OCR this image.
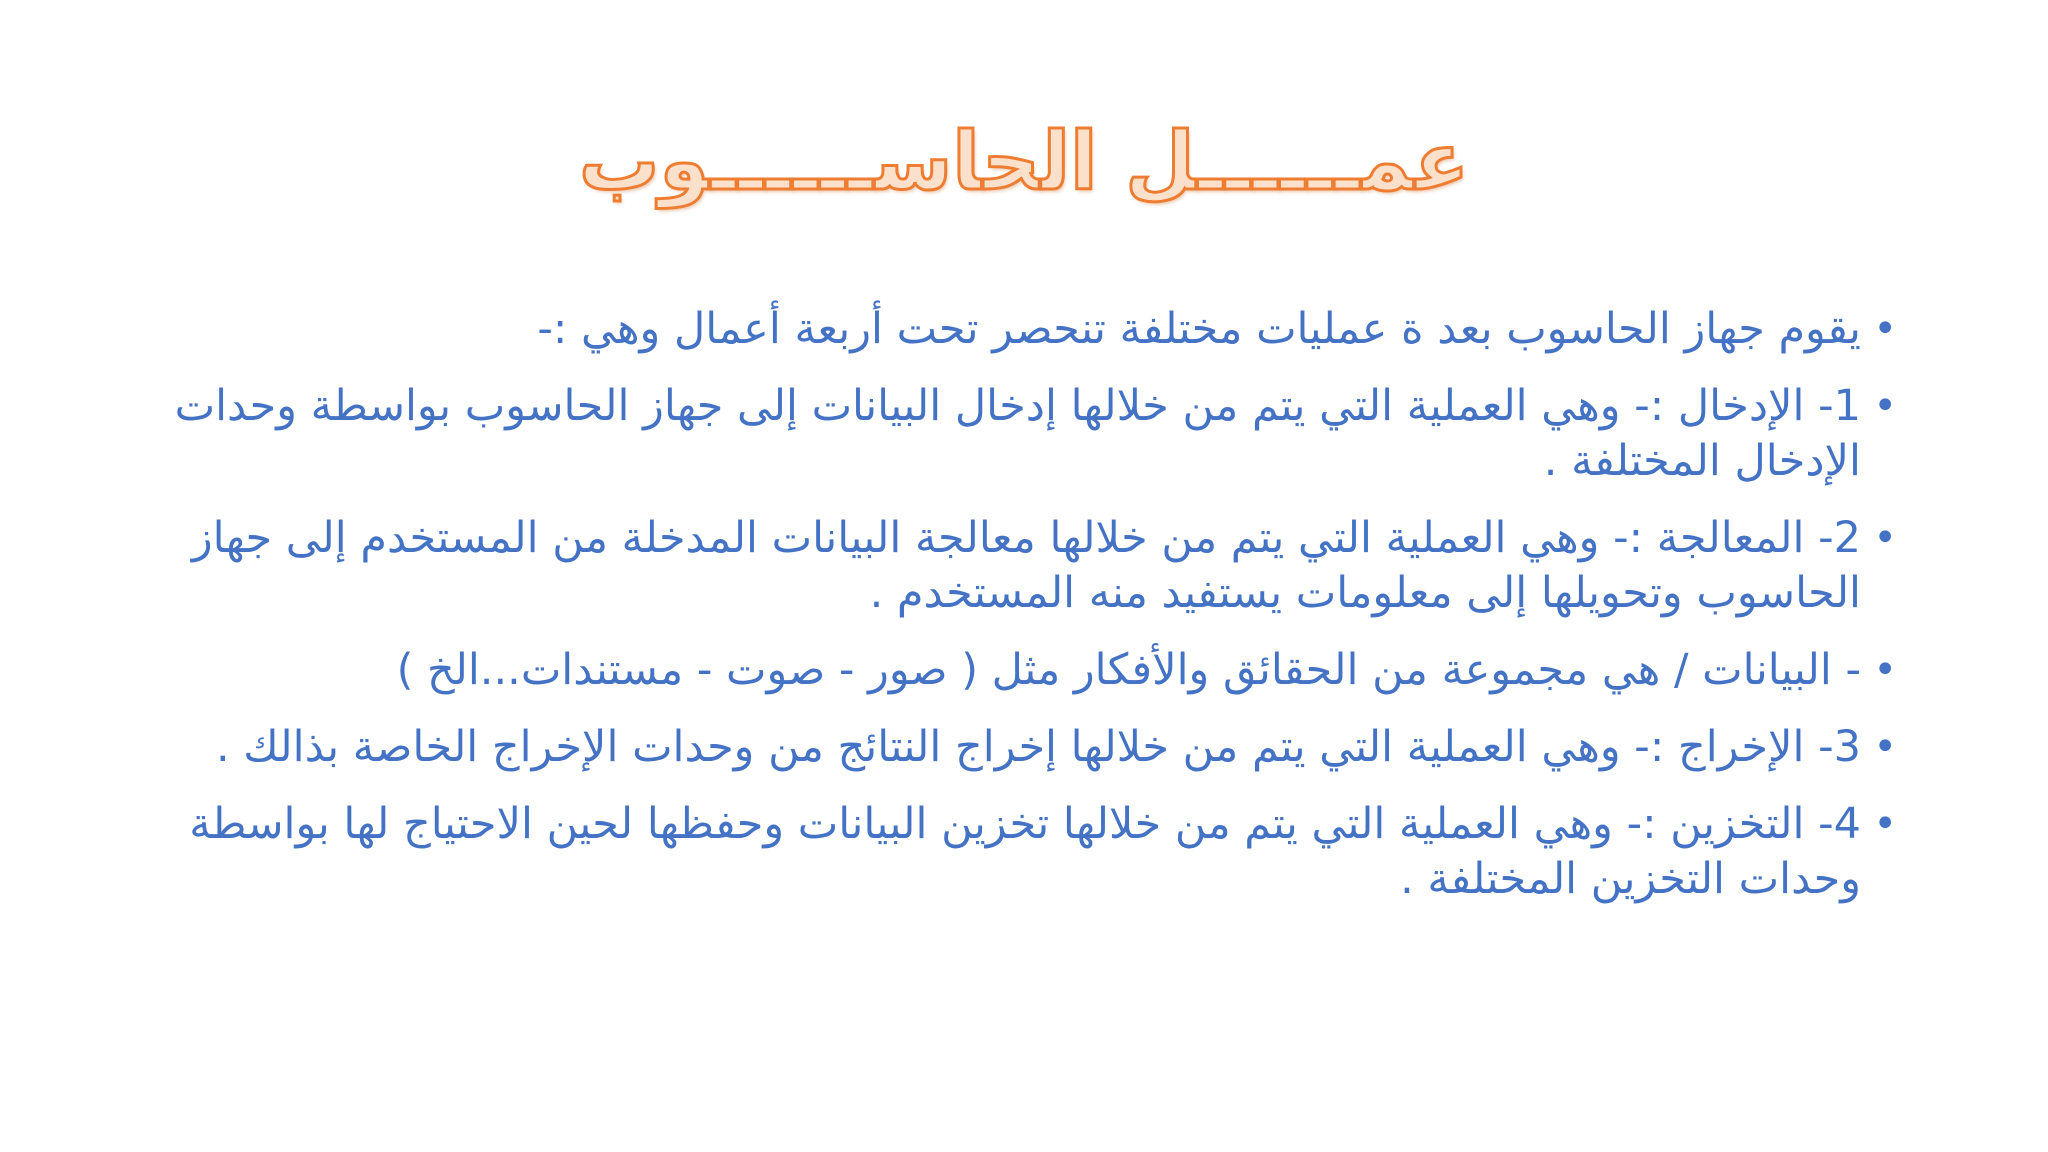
عمــــــل الحاســــــوب
•
يقوم جهاز الحاسوب بعد ة عمليات مختلفة تنحصر تحت أربعة أعمال وهي :-
•
1- الإدخال :- وهي العملية التي يتم من خلالها إدخال البيانات إلى جهاز الحاسوب بواسطة وحدات الإدخال المختلفة .
•
2- المعالجة :- وهي العملية التي يتم من خلالها معالجة البيانات المدخلة من المستخدم إلى جهاز الحاسوب وتحويلها إلى معلومات يستفيد منه المستخدم .
•
- البيانات / هي مجموعة من الحقائق والأفكار مثل ( صور - صوت - مستندات...الخ )
•
3- الإخراج :- وهي العملية التي يتم من خلالها إخراج النتائج من وحدات الإخراج الخاصة بذالك .
•
4- التخزين :- وهي العملية التي يتم من خلالها تخزين البيانات وحفظها لحين الاحتياج لها بواسطة وحدات التخزين المختلفة .
